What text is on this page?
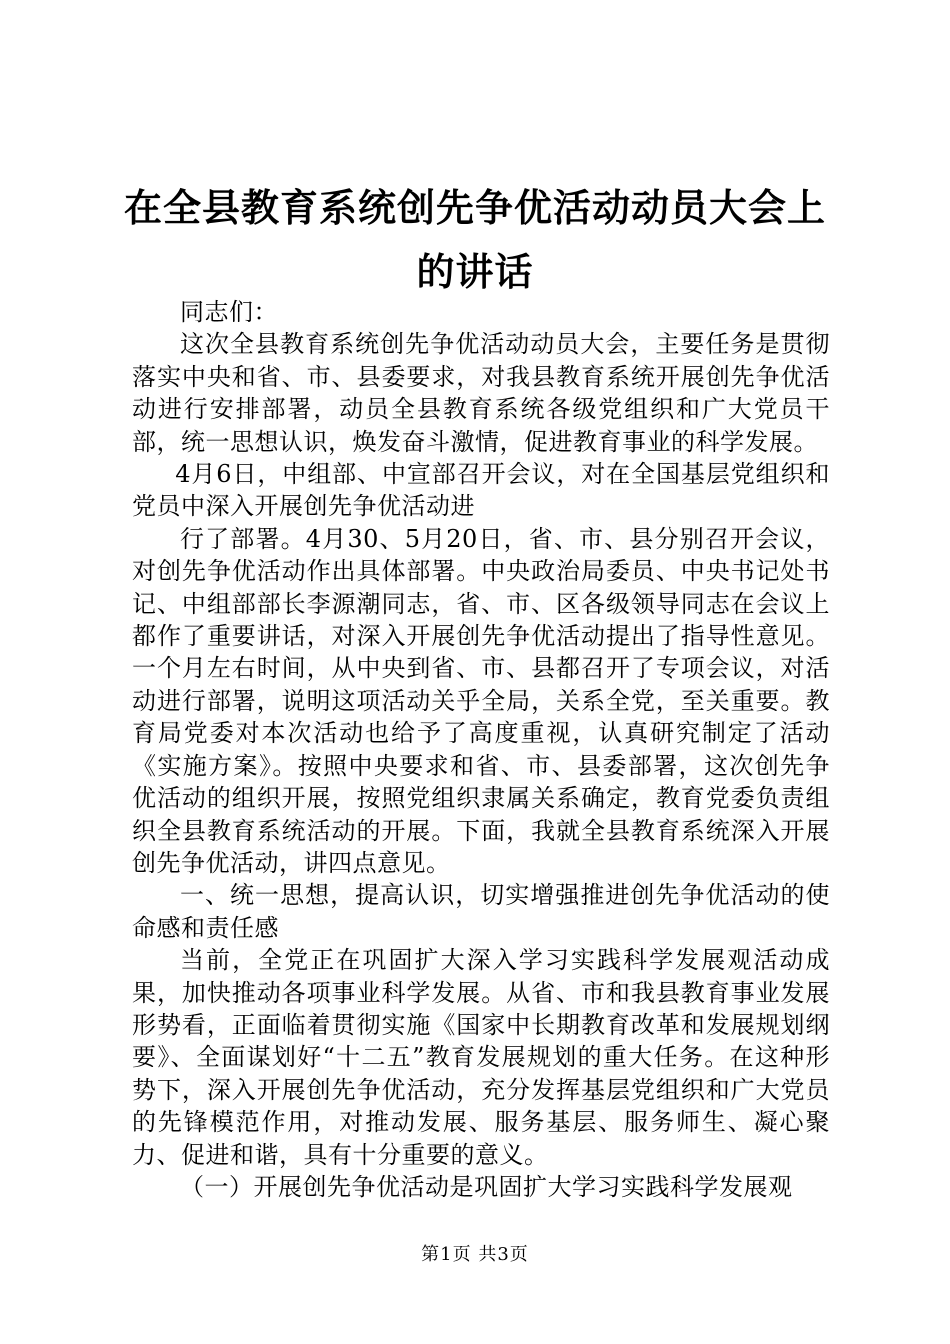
在全县教育系统创先争优活动动员大会上的讲话

同志们：

这次全县教育系统创先争优活动动员大会，主要任务是贯彻落实中央和省、市、县委要求，对我县教育系统开展创先争优活动进行安排部署，动员全县教育系统各级党组织和广大党员干部，统一思想认识，焕发奋斗激情，促进教育事业的科学发展。

4月6日，中组部、中宣部召开会议，对在全国基层党组织和党员中深入开展创先争优活动进

行了部署。4月30、5月20日，省、市、县分别召开会议，对创先争优活动作出具体部署。中央政治局委员、中央书记处书记、中组部部长李源潮同志，省、市、区各级领导同志在会议上都作了重要讲话，对深入开展创先争优活动提出了指导性意见。一个月左右时间，从中央到省、市、县都召开了专项会议，对活动进行部署，说明这项活动关乎全局，关系全党，至关重要。教育局党委对本次活动也给予了高度重视，认真研究制定了活动《实施方案》。按照中央要求和省、市、县委部署，这次创先争优活动的组织开展，按照党组织隶属关系确定，教育党委负责组织全县教育系统活动的开展。下面，我就全县教育系统深入开展创先争优活动，讲四点意见。

一、统一思想，提高认识，切实增强推进创先争优活动的使命感和责任感

当前，全党正在巩固扩大深入学习实践科学发展观活动成果，加快推动各项事业科学发展。从省、市和我县教育事业发展形势看，正面临着贯彻实施《国家中长期教育改革和发展规划纲要》、全面谋划好“十二五”教育发展规划的重大任务。在这种形势下，深入开展创先争优活动，充分发挥基层党组织和广大党员的先锋模范作用，对推动发展、服务基层、服务师生、凝心聚力、促进和谐，具有十分重要的意义。

（一）开展创先争优活动是巩固扩大学习实践科学发展观

第1页 共3页
